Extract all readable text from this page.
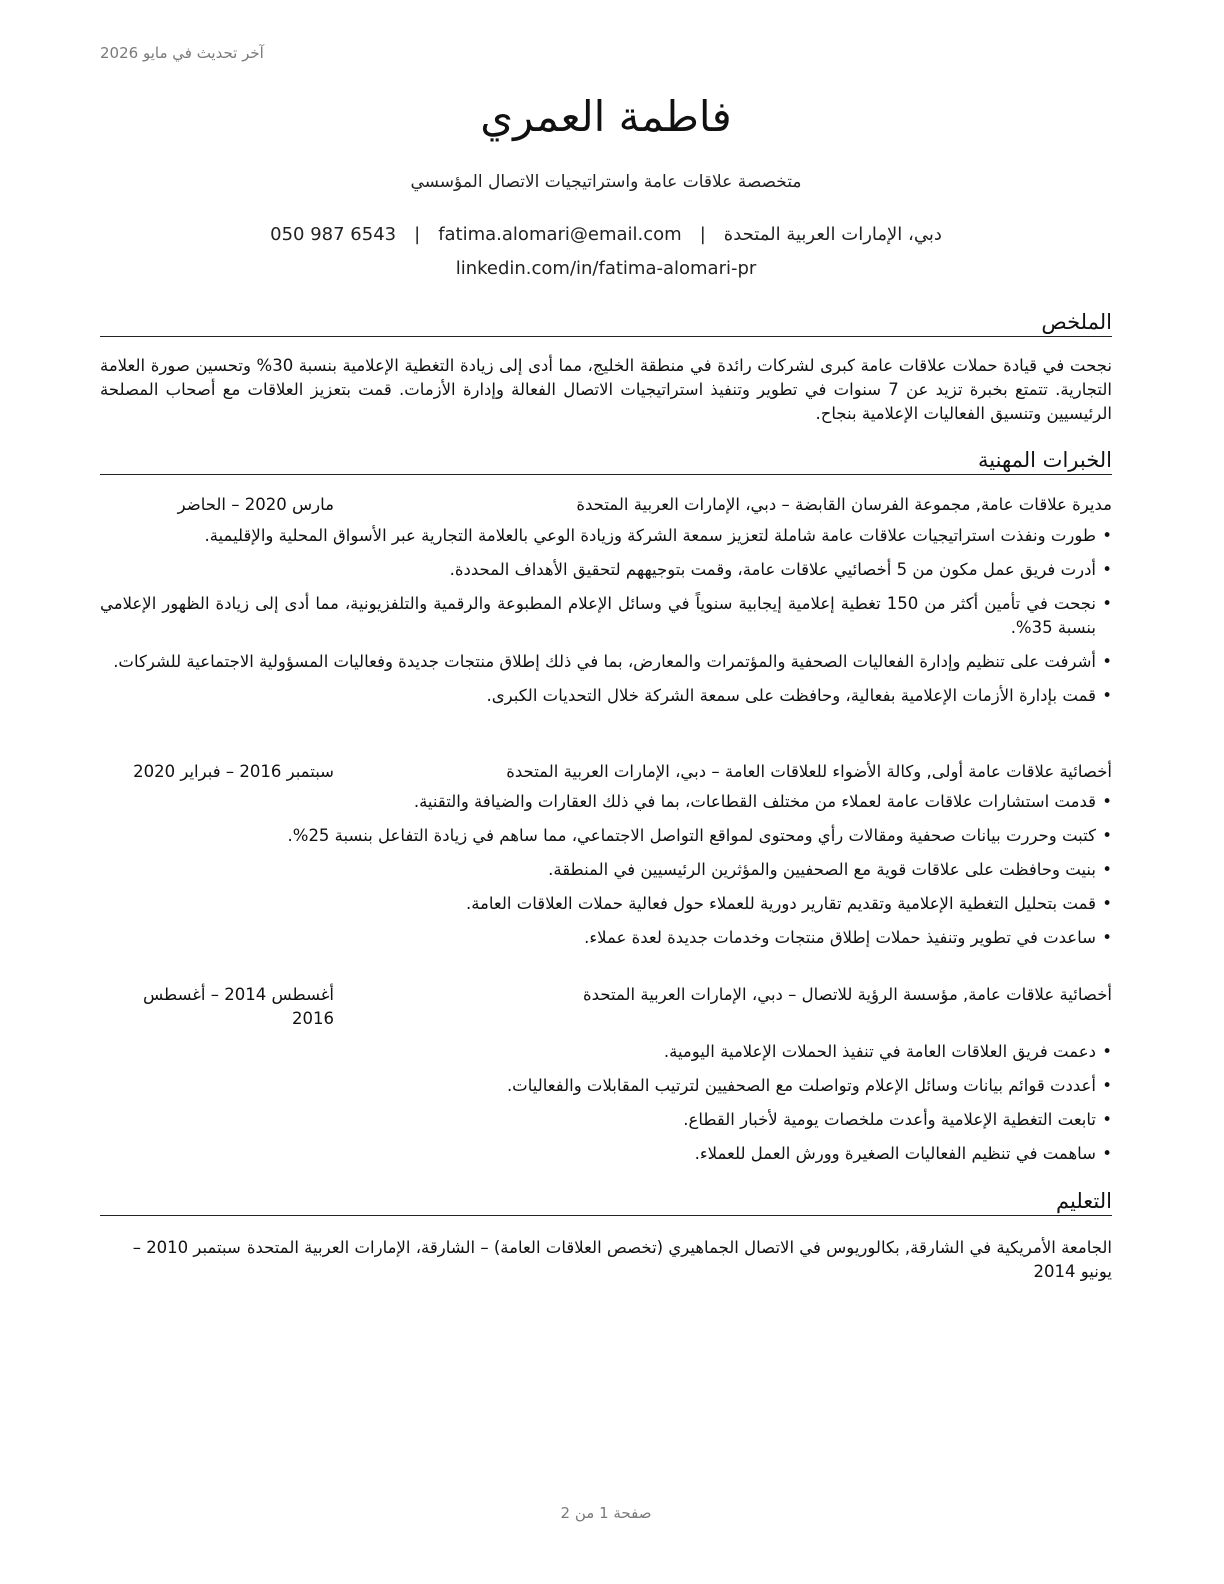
آخر تحديث في مايو 2026
فاطمة العمري
متخصصة علاقات عامة واستراتيجيات الاتصال المؤسسي
دبي، الإمارات العربية المتحدة|fatima.alomari@email.com|050 987 6543
linkedin.com/in/fatima-alomari-pr
الملخص
نجحت في قيادة حملات علاقات عامة كبرى لشركات رائدة في منطقة الخليج، مما أدى إلى زيادة التغطية الإعلامية بنسبة 30% وتحسين صورة العلامة التجارية. تتمتع بخبرة تزيد عن 7 سنوات في تطوير وتنفيذ استراتيجيات الاتصال الفعالة وإدارة الأزمات. قمت بتعزيز العلاقات مع أصحاب المصلحة الرئيسيين وتنسيق الفعاليات الإعلامية بنجاح.
الخبرات المهنية
مديرة علاقات عامة, مجموعة الفرسان القابضة – دبي، الإمارات العربية المتحدة
مارس 2020 – الحاضر
• طورت ونفذت استراتيجيات علاقات عامة شاملة لتعزيز سمعة الشركة وزيادة الوعي بالعلامة التجارية عبر الأسواق المحلية والإقليمية.
• أدرت فريق عمل مكون من 5 أخصائيي علاقات عامة، وقمت بتوجيههم لتحقيق الأهداف المحددة.
• نجحت في تأمين أكثر من 150 تغطية إعلامية إيجابية سنوياً في وسائل الإعلام المطبوعة والرقمية والتلفزيونية، مما أدى إلى زيادة الظهور الإعلامي بنسبة 35%.
• أشرفت على تنظيم وإدارة الفعاليات الصحفية والمؤتمرات والمعارض، بما في ذلك إطلاق منتجات جديدة وفعاليات المسؤولية الاجتماعية للشركات.
• قمت بإدارة الأزمات الإعلامية بفعالية، وحافظت على سمعة الشركة خلال التحديات الكبرى.
أخصائية علاقات عامة أولى, وكالة الأضواء للعلاقات العامة – دبي، الإمارات العربية المتحدة
سبتمبر 2016 – فبراير 2020
• قدمت استشارات علاقات عامة لعملاء من مختلف القطاعات، بما في ذلك العقارات والضيافة والتقنية.
• كتبت وحررت بيانات صحفية ومقالات رأي ومحتوى لمواقع التواصل الاجتماعي، مما ساهم في زيادة التفاعل بنسبة 25%.
• بنيت وحافظت على علاقات قوية مع الصحفيين والمؤثرين الرئيسيين في المنطقة.
• قمت بتحليل التغطية الإعلامية وتقديم تقارير دورية للعملاء حول فعالية حملات العلاقات العامة.
• ساعدت في تطوير وتنفيذ حملات إطلاق منتجات وخدمات جديدة لعدة عملاء.
أخصائية علاقات عامة, مؤسسة الرؤية للاتصال – دبي، الإمارات العربية المتحدة
أغسطس 2014 – أغسطس 2016
• دعمت فريق العلاقات العامة في تنفيذ الحملات الإعلامية اليومية.
• أعددت قوائم بيانات وسائل الإعلام وتواصلت مع الصحفيين لترتيب المقابلات والفعاليات.
• تابعت التغطية الإعلامية وأعدت ملخصات يومية لأخبار القطاع.
• ساهمت في تنظيم الفعاليات الصغيرة وورش العمل للعملاء.
التعليم
الجامعة الأمريكية في الشارقة, بكالوريوس في الاتصال الجماهيري (تخصص العلاقات العامة) – الشارقة، الإمارات العربية المتحدةسبتمبر 2010 – يونيو 2014
صفحة 1 من 2
